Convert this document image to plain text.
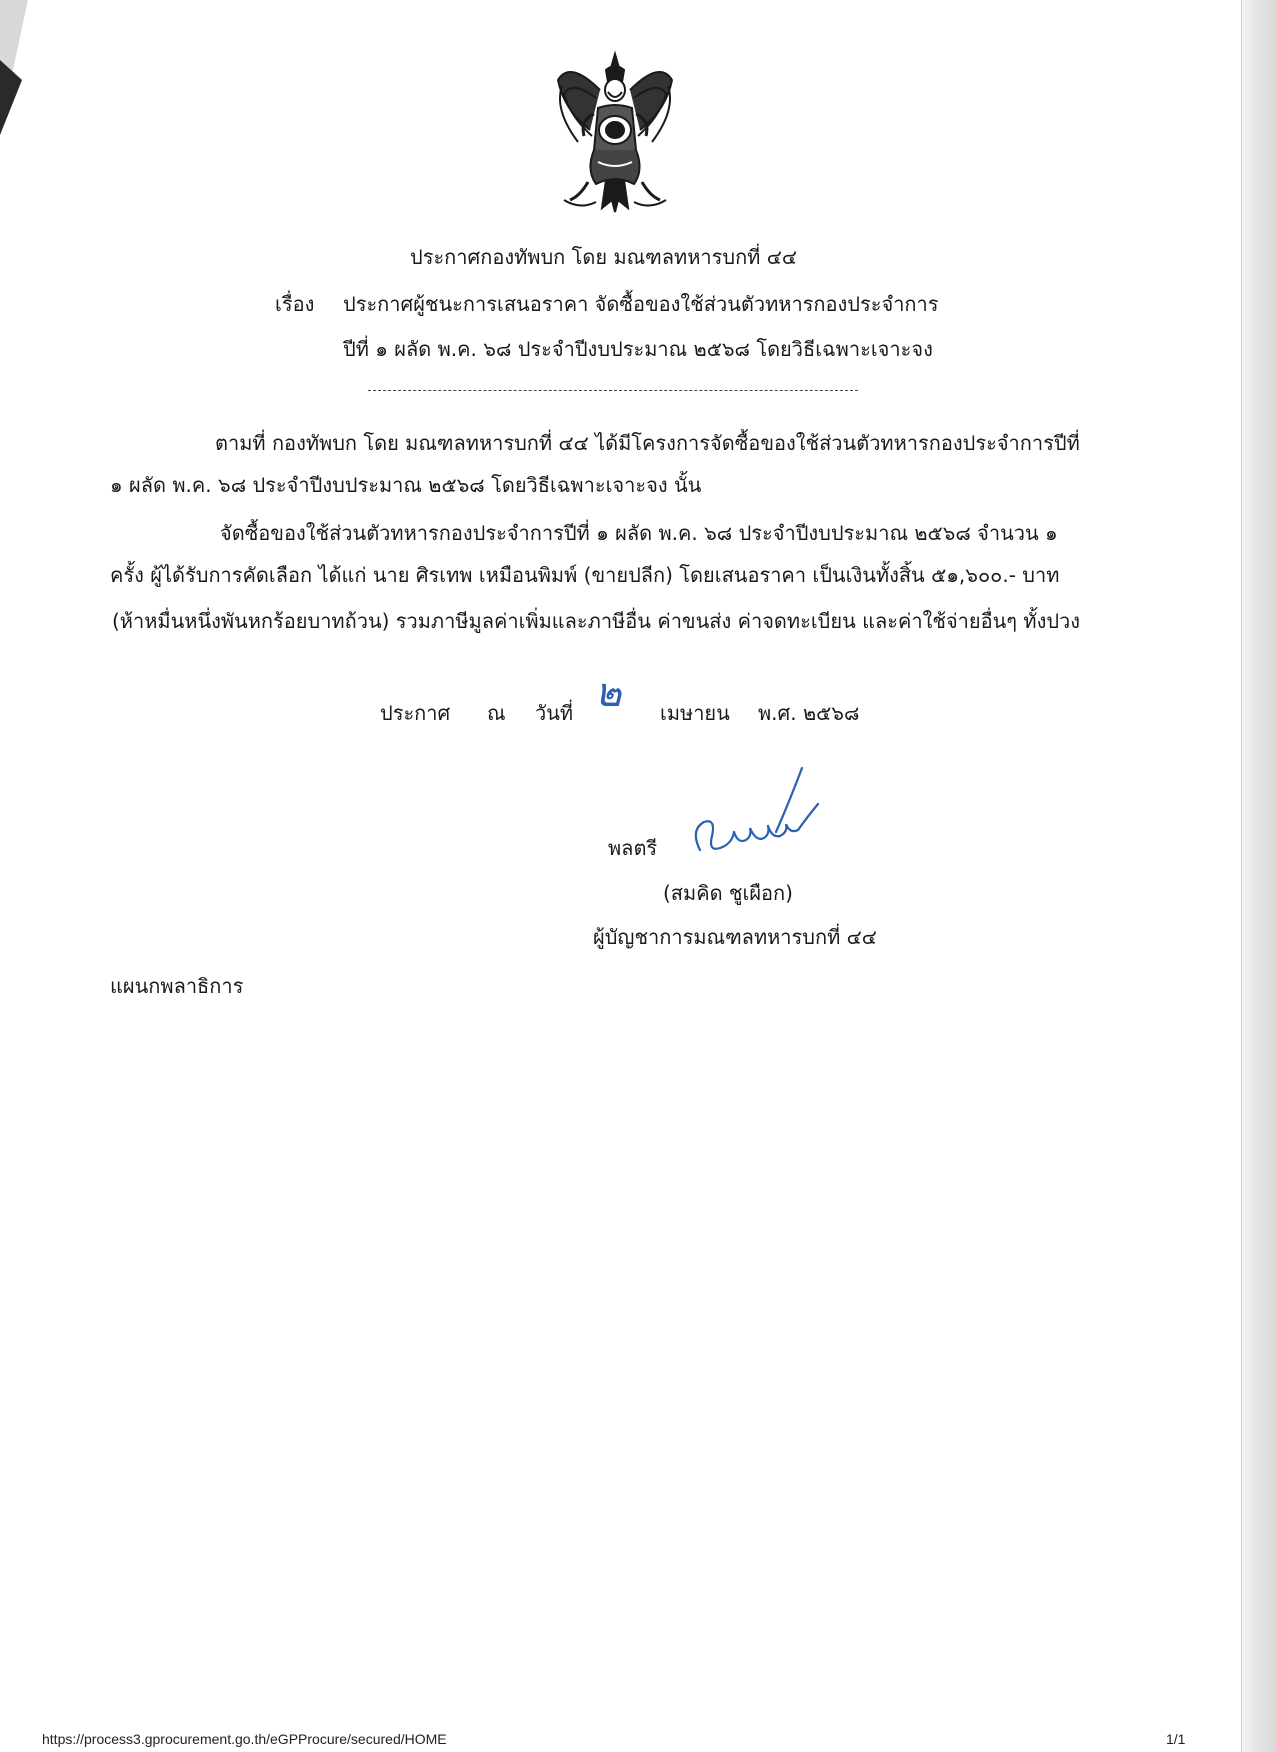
ประกาศกองทัพบก โดย มณฑลทหารบกที่ ๔๔
เรื่อง ประกาศผู้ชนะการเสนอราคา จัดซื้อของใช้ส่วนตัวทหารกองประจำการ
ปีที่ ๑ ผลัด พ.ค. ๖๘ ประจำปีงบประมาณ ๒๕๖๘ โดยวิธีเฉพาะเจาะจง
ตามที่ กองทัพบก โดย มณฑลทหารบกที่ ๔๔ ได้มีโครงการจัดซื้อของใช้ส่วนตัวทหารกองประจำการปีที่
๑ ผลัด พ.ค. ๖๘ ประจำปีงบประมาณ ๒๕๖๘ โดยวิธีเฉพาะเจาะจง นั้น
จัดซื้อของใช้ส่วนตัวทหารกองประจำการปีที่ ๑ ผลัด พ.ค. ๖๘ ประจำปีงบประมาณ ๒๕๖๘ จำนวน ๑
ครั้ง ผู้ได้รับการคัดเลือก ได้แก่ นาย ศิรเทพ เหมือนพิมพ์ (ขายปลีก) โดยเสนอราคา เป็นเงินทั้งสิ้น ๕๑,๖๐๐.- บาท
(ห้าหมื่นหนึ่งพันหกร้อยบาทถ้วน) รวมภาษีมูลค่าเพิ่มและภาษีอื่น ค่าขนส่ง ค่าจดทะเบียน และค่าใช้จ่ายอื่นๆ ทั้งปวง
ประกาศ ณ วันที่ ๒ เมษายน พ.ศ. ๒๕๖๘
พลตรี
(สมคิด ชูเผือก)
ผู้บัญชาการมณฑลทหารบกที่ ๔๔
แผนกพลาธิการ
https://process3.gprocurement.go.th/eGPProcure/secured/HOME	1/1
